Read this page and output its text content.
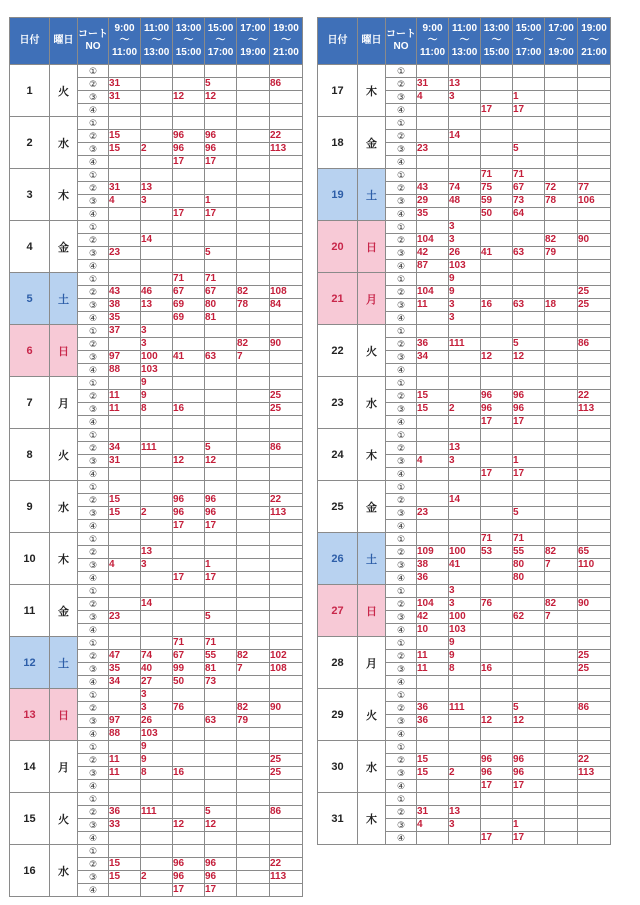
日付	曜日	コート
NO	9:00
～
11:00	11:00
～
13:00	13:00
～
15:00	15:00
～
17:00	17:00
～
19:00	19:00
～
21:00
1	火	①						
		②	31			5		86
		③	31		12	12		
		④						
2	水	①						
		②	15		96	96		22
		③	15	2	96	96		113
		④			17	17		
3	木	①						
		②	31	13				
		③	4	3		1		
		④			17	17		
4	金	①						
		②		14				
		③	23			5		
		④						
5	土	①			71	71		
		②	43	46	67	67	82	108
		③	38	13	69	80	78	84
		④	35		69	81		
6	日	①	37	3				
		②		3			82	90
		③	97	100	41	63	7	
		④	88	103				
7	月	①		9				
		②	11	9				25
		③	11	8	16			25
		④						
8	火	①						
		②	34	111		5		86
		③	31		12	12		
		④						
9	水	①						
		②	15		96	96		22
		③	15	2	96	96		113
		④			17	17		
10	木	①						
		②		13				
		③	4	3		1		
		④			17	17		
11	金	①						
		②		14				
		③	23			5		
		④						
12	土	①			71	71		
		②	47	74	67	55	82	102
		③	35	40	99	81	7	108
		④	34	27	50	73		
13	日	①		3				
		②		3	76		82	90
		③	97	26		63	79	
		④	88	103				
14	月	①		9				
		②	11	9				25
		③	11	8	16			25
		④						
15	火	①						
		②	36	111		5		86
		③	33		12	12		
		④						
16	水	①						
		②	15		96	96		22
		③	15	2	96	96		113
		④			17	17		
日付	曜日	コート
NO	9:00
～
11:00	11:00
～
13:00	13:00
～
15:00	15:00
～
17:00	17:00
～
19:00	19:00
～
21:00
17	木	①						
		②	31	13				
		③	4	3		1		
		④			17	17		
18	金	①						
		②		14				
		③	23			5		
		④						
19	土	①			71	71		
		②	43	74	75	67	72	77
		③	29	48	59	73	78	106
		④	35		50	64		
20	日	①		3				
		②	104	3			82	90
		③	42	26	41	63	79	
		④	87	103				
21	月	①		9				
		②	104	9				25
		③	11	3	16	63	18	25
		④		3				
22	火	①						
		②	36	111		5		86
		③	34		12	12		
		④						
23	水	①						
		②	15		96	96		22
		③	15	2	96	96		113
		④			17	17		
24	木	①						
		②		13				
		③	4	3		1		
		④			17	17		
25	金	①						
		②		14				
		③	23			5		
		④						
26	土	①			71	71		
		②	109	100	53	55	82	65
		③	38	41		80	7	110
		④	36			80		
27	日	①		3				
		②	104	3	76		82	90
		③	42	100		62	7	
		④	10	103				
28	月	①		9				
		②	11	9				25
		③	11	8	16			25
		④						
29	火	①						
		②	36	111		5		86
		③	36		12	12		
		④						
30	水	①						
		②	15		96	96		22
		③	15	2	96	96		113
		④			17	17		
31	木	①						
		②	31	13				
		③	4	3		1		
		④			17	17		
